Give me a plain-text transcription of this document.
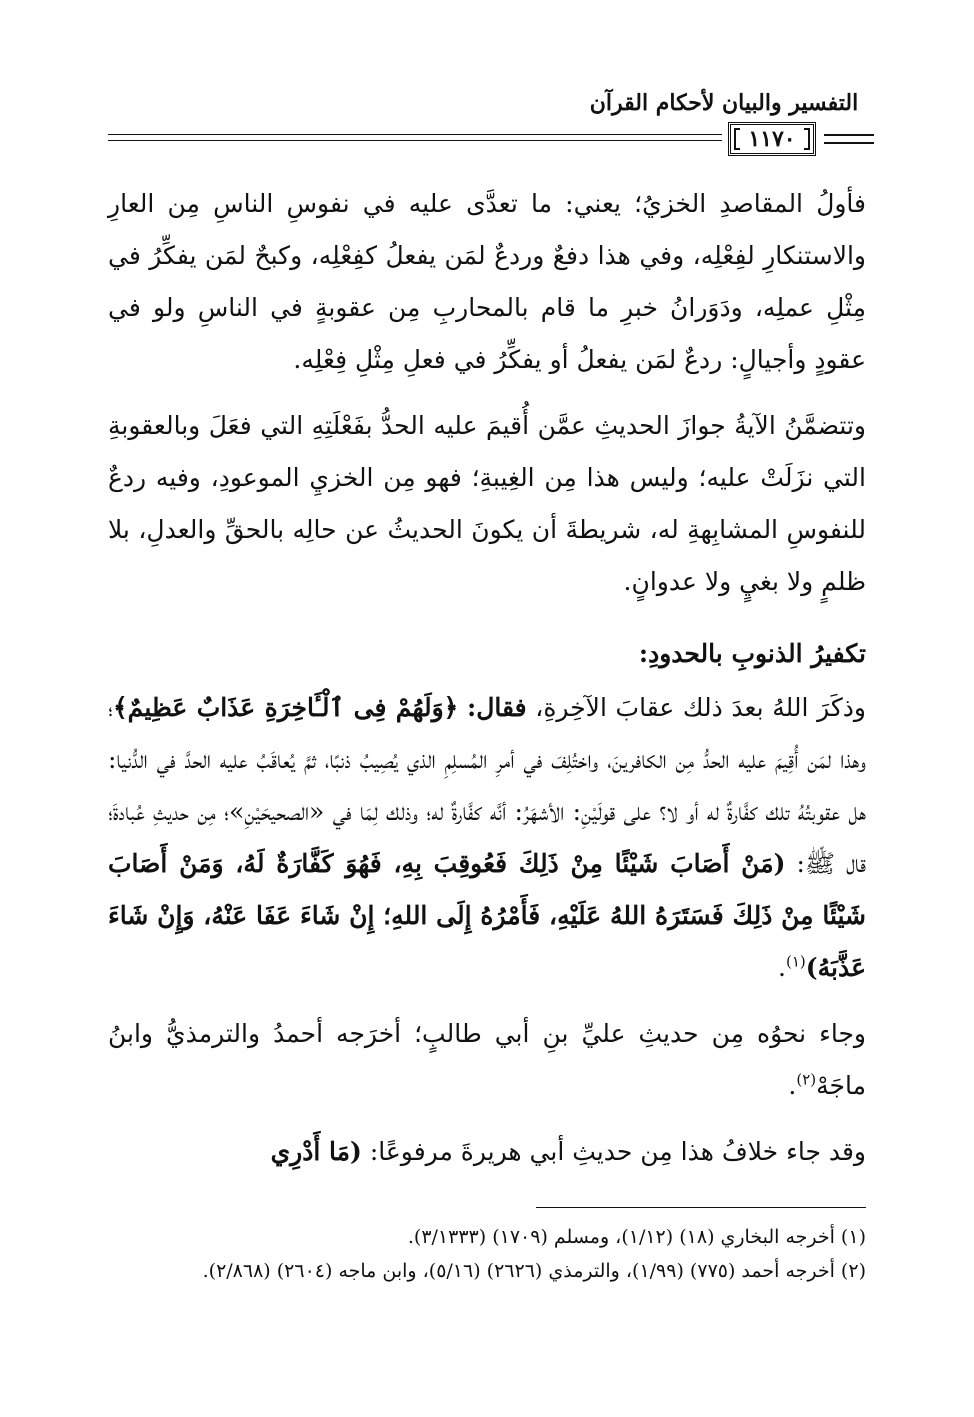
التفسير والبيان لأحكام القرآن
١١٧٠

فأولُ المقاصدِ الخزيُ؛ يعني: ما تعدَّى عليه في نفوسِ الناسِ مِن العارِ والاستنكارِ لفِعْلِه، وفي هذا دفعٌ وردعٌ لمَن يفعلُ كفِعْلِه، وكبحٌ لمَن يفكِّرُ في مِثْلِ عملِه، ودَوَرانُ خبرِ ما قام بالمحاربِ مِن عقوبةٍ في الناسِ ولو في عقودٍ وأجيالٍ: ردعٌ لمَن يفعلُ أو يفكِّرُ في فعلِ مِثْلِ فِعْلِه.

وتتضمَّنُ الآيةُ جوازَ الحديثِ عمَّن أُقيمَ عليه الحدُّ بفَعْلَتِهِ التي فعَلَ وبالعقوبةِ التي نزَلَتْ عليه؛ وليس هذا مِن الغِيبةِ؛ فهو مِن الخزيِ الموعودِ، وفيه ردعٌ للنفوسِ المشابِهةِ له، شريطةَ أن يكونَ الحديثُ عن حالِه بالحقِّ والعدلِ، بلا ظلمٍ ولا بغيٍ ولا عدوانٍ.

تكفيرُ الذنوبِ بالحدودِ:

وذكَرَ اللهُ بعدَ ذلك عقابَ الآخِرةِ، فقال: ﴿وَلَهُمْ فِى ٱلْـَٔاخِرَةِ عَذَابٌ عَظِيمٌ﴾؛ وهذا لمَن أُقِيمَ عليه الحدُّ مِن الكافرينَ، واختُلِفَ في أمرِ المُسلِمِ الذي يُصِيبُ ذنبًا، ثمَّ يُعاقَبُ عليه الحدَّ في الدُّنيا: هل عقوبتُهُ تلك كفَّارةٌ له أو لا؟ على قولَيْنِ: الأشهَرُ: أنَّه كفَّارةٌ له؛ وذلك لِمَا في «الصحيحَيْنِ»؛ مِن حديثِ عُبادةَ؛ قال ﷺ: (مَنْ أَصَابَ شَيْئًا مِنْ ذَلِكَ فَعُوقِبَ بِهِ، فَهُوَ كَفَّارَةٌ لَهُ، وَمَنْ أَصَابَ شَيْئًا مِنْ ذَلِكَ فَسَتَرَهُ اللهُ عَلَيْهِ، فَأَمْرُهُ إِلَى اللهِ؛ إِنْ شَاءَ عَفَا عَنْهُ، وَإِنْ شَاءَ عَذَّبَهُ)$^{(١)}$.

وجاء نحوُه مِن حديثِ عليِّ بنِ أبي طالبٍ؛ أخرَجه أحمدُ والترمذيُّ وابنُ ماجَهْ$^{(٢)}$.

وقد جاء خلافُ هذا مِن حديثِ أبي هريرةَ مرفوعًا: (مَا أَدْرِي

(١) أخرجه البخاري (١٨) (١/١٢)، ومسلم (١٧٠٩) (٣/١٣٣٣).

(٢) أخرجه أحمد (٧٧٥) (١/٩٩)، والترمذي (٢٦٢٦) (٥/١٦)، وابن ماجه (٢٦٠٤) (٢/٨٦٨).
